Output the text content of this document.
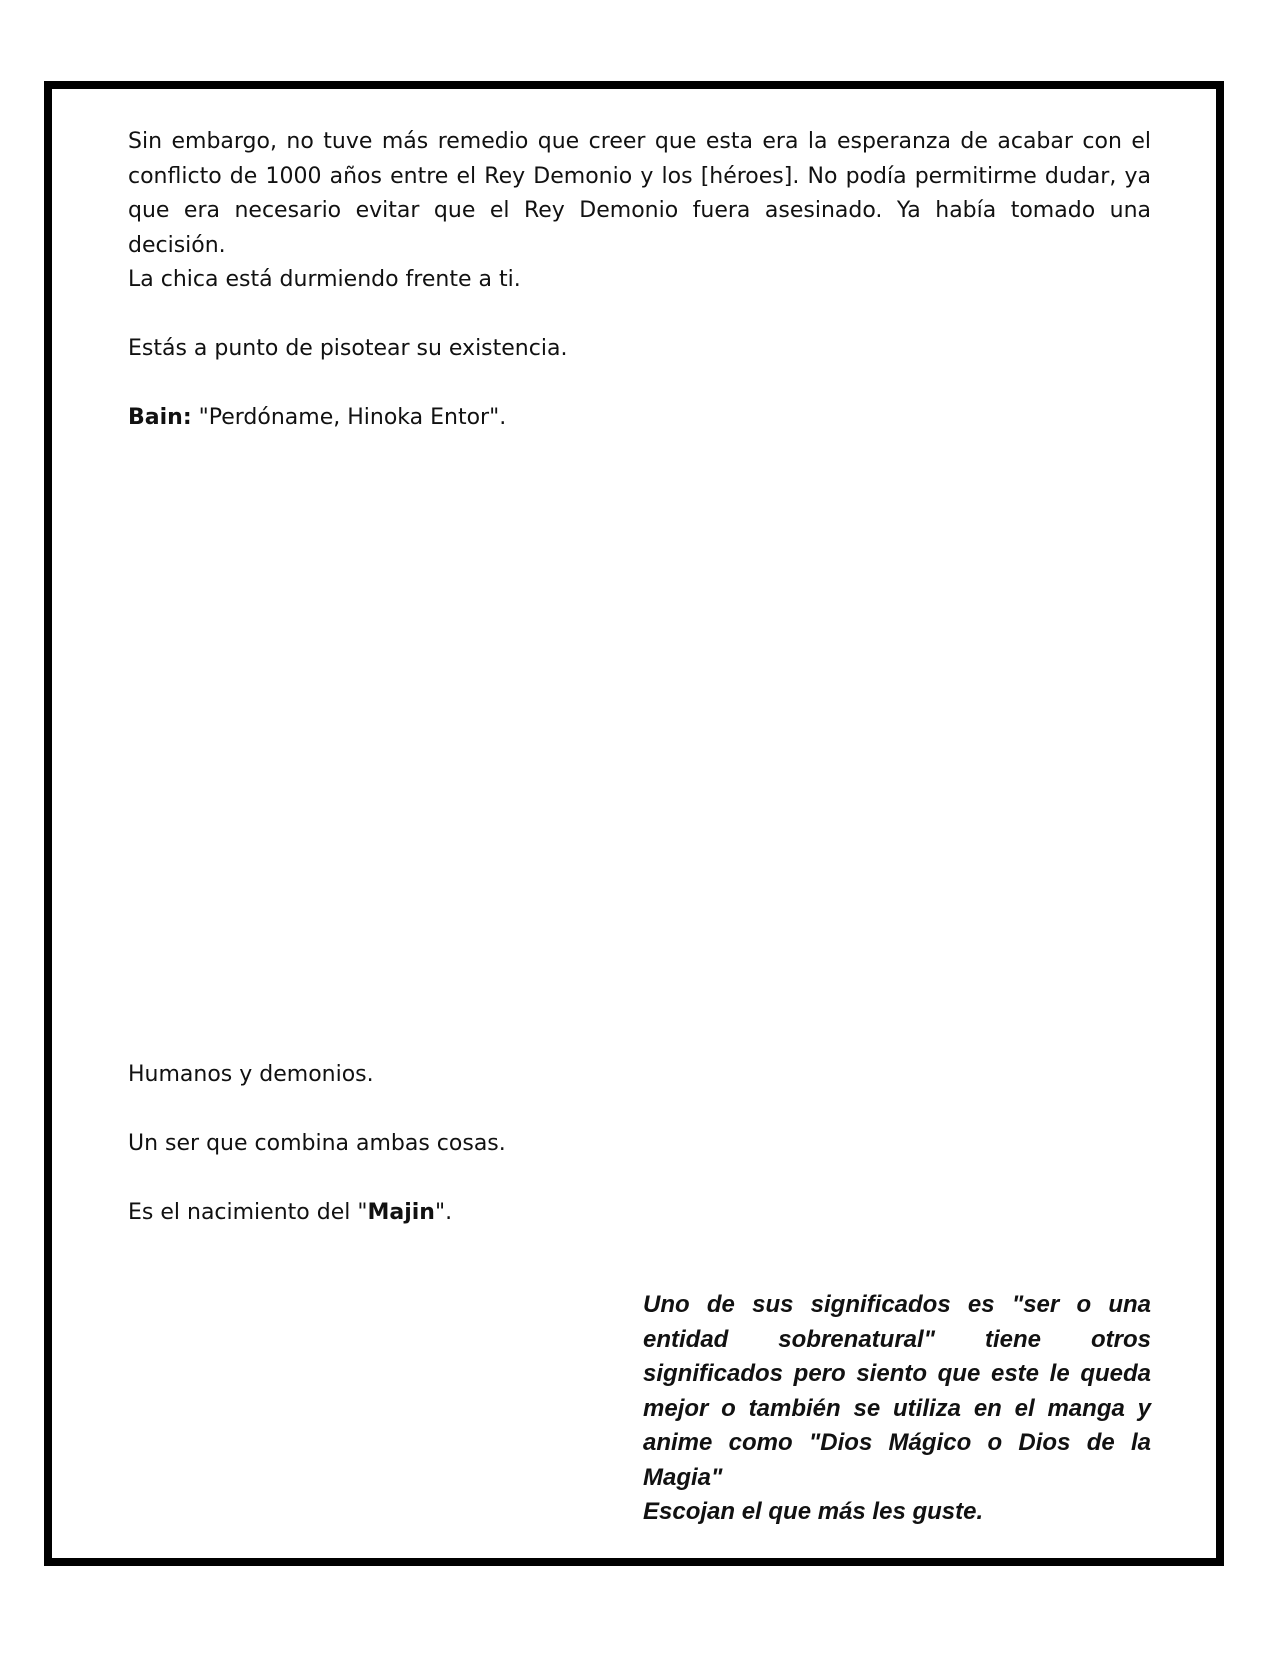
Sin embargo, no tuve más remedio que creer que esta era la esperanza de acabar con el conflicto de 1000 años entre el Rey Demonio y los [héroes]. No podía permitirme dudar, ya que era necesario evitar que el Rey Demonio fuera asesinado. Ya había tomado una decisión.

La chica está durmiendo frente a ti.

Estás a punto de pisotear su existencia.

Bain: "Perdóname, Hinoka Entor".

Humanos y demonios.

Un ser que combina ambas cosas.

Es el nacimiento del "Majin".

Uno de sus significados es "ser o una entidad sobrenatural" tiene otros significados pero siento que este le queda mejor o también se utiliza en el manga y anime como "Dios Mágico o Dios de la Magia"
Escojan el que más les guste.
